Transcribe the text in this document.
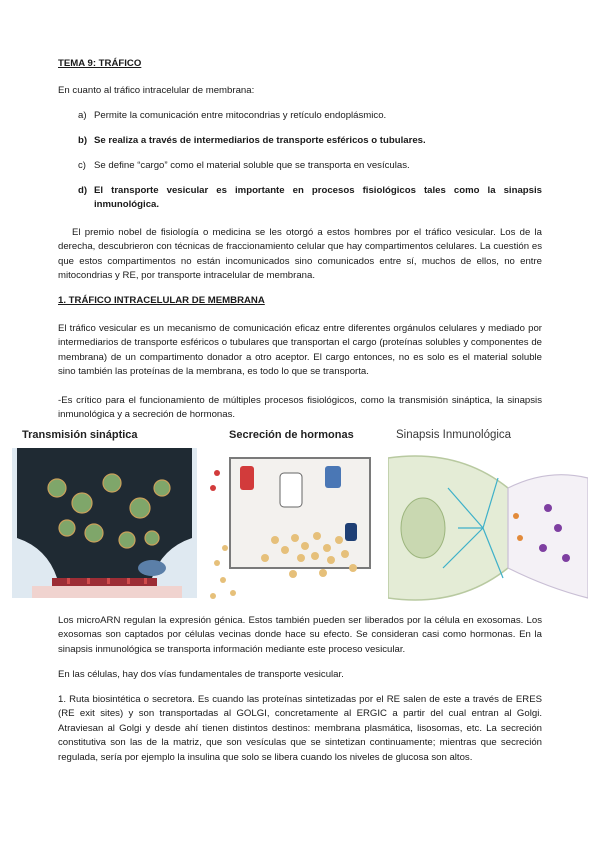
TEMA 9: TRÁFICO
En cuanto al tráfico intracelular de membrana:
a) Permite la comunicación entre mitocondrias y retículo endoplásmico.
b) Se realiza a través de intermediarios de transporte esféricos o tubulares.
c) Se define “cargo” como el material soluble que se transporta en vesículas.
d) El transporte vesicular es importante en procesos fisiológicos tales como la sinapsis inmunológica.
El premio nobel de fisiología o medicina se les otorgó a estos hombres por el tráfico vesicular. Los de la derecha, descubrieron con técnicas de fraccionamiento celular que hay compartimentos celulares. La cuestión es que estos compartimentos no están incomunicados sino comunicados entre sí, muchos de ellos, no entre mitocondrias y RE, por transporte intracelular de membrana.
1. TRÁFICO INTRACELULAR DE MEMBRANA
El tráfico vesicular es un mecanismo de comunicación eficaz entre diferentes orgánulos celulares y mediado por intermediarios de transporte esféricos o tubulares que transportan el cargo (proteínas solubles y componentes de membrana) de un compartimento donador a otro aceptor. El cargo entonces, no es solo es el material soluble sino también las proteínas de la membrana, es todo lo que se transporta.
-Es crítico para el funcionamiento de múltiples procesos fisiológicos, como la transmisión sináptica, la sinapsis inmunológica y a secreción de hormonas.
Transmisión sináptica	Secreción de hormonas	Sinapsis Inmunológica
Los microARN regulan la expresión génica. Estos también pueden ser liberados por la célula en exosomas. Los exosomas son captados por células vecinas donde hace su efecto. Se consideran casi como hormonas. En la sinapsis inmunológica se transporta información mediante este proceso vesicular.
En las células, hay dos vías fundamentales de transporte vesicular.
1. Ruta biosintética o secretora. Es cuando las proteínas sintetizadas por el RE salen de este a través de ERES (RE exit sites) y son transportadas al GOLGI, concretamente al ERGIC a partir del cual entran al Golgi. Atraviesan al Golgi y desde ahí tienen distintos destinos: membrana plasmática, lisosomas, etc. La secreción constitutiva son las de la matriz, que son vesículas que se sintetizan continuamente; mientras que secreción regulada, sería por ejemplo la insulina que solo se libera cuando los niveles de glucosa son altos.
